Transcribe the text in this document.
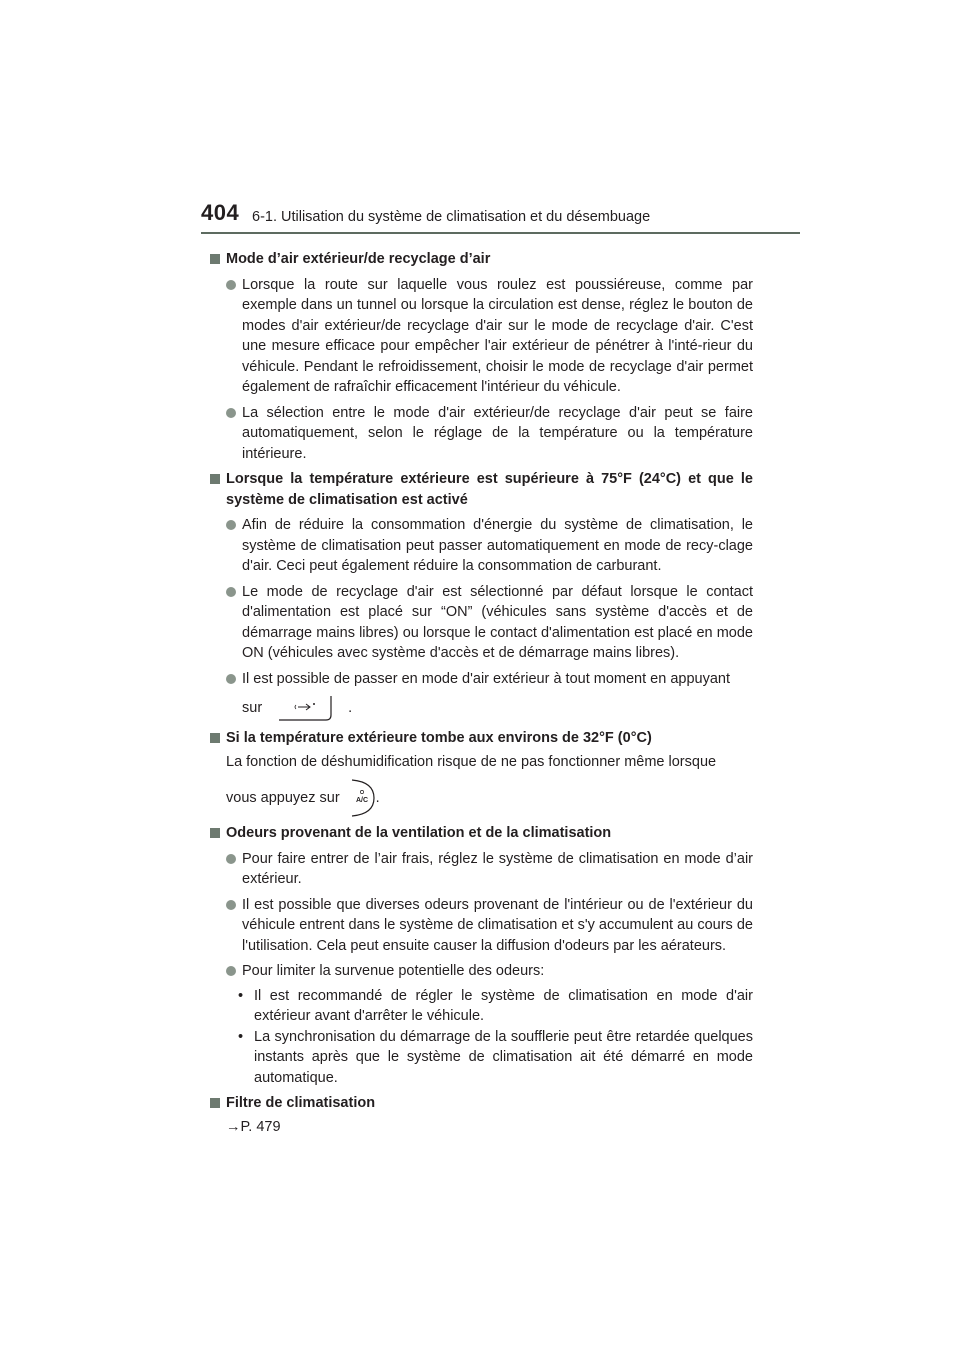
404 6-1. Utilisation du système de climatisation et du désembuage
Mode d’air extérieur/de recyclage d’air
Lorsque la route sur laquelle vous roulez est poussiéreuse, comme par exemple dans un tunnel ou lorsque la circulation est dense, réglez le bouton de modes d'air extérieur/de recyclage d'air sur le mode de recyclage d'air. C'est une mesure efficace pour empêcher l'air extérieur de pénétrer à l'inté-rieur du véhicule. Pendant le refroidissement, choisir le mode de recyclage d'air permet également de rafraîchir efficacement l'intérieur du véhicule.
La sélection entre le mode d'air extérieur/de recyclage d'air peut se faire automatiquement, selon le réglage de la température ou la température intérieure.
Lorsque la température extérieure est supérieure à 75°F (24°C) et que le système de climatisation est activé
Afin de réduire la consommation d'énergie du système de climatisation, le système de climatisation peut passer automatiquement en mode de recy-clage d'air. Ceci peut également réduire la consommation de carburant.
Le mode de recyclage d'air est sélectionné par défaut lorsque le contact d'alimentation est placé sur “ON” (véhicules sans système d'accès et de démarrage mains libres) ou lorsque le contact d'alimentation est placé en mode ON (véhicules avec système d'accès et de démarrage mains libres).
Il est possible de passer en mode d'air extérieur à tout moment en appuyant
sur	.
Si la température extérieure tombe aux environs de 32°F (0°C)
La fonction de déshumidification risque de ne pas fonctionner même lorsque
vous appuyez sur A/C .
Odeurs provenant de la ventilation et de la climatisation
Pour faire entrer de l’air frais, réglez le système de climatisation en mode d’air extérieur.
Il est possible que diverses odeurs provenant de l'intérieur ou de l'extérieur du véhicule entrent dans le système de climatisation et s'y accumulent au cours de l'utilisation. Cela peut ensuite causer la diffusion d'odeurs par les aérateurs.
Pour limiter la survenue potentielle des odeurs:
• Il est recommandé de régler le système de climatisation en mode d'air extérieur avant d'arrêter le véhicule.
• La synchronisation du démarrage de la soufflerie peut être retardée quelques instants après que le système de climatisation ait été démarré en mode automatique.
Filtre de climatisation
→P. 479
